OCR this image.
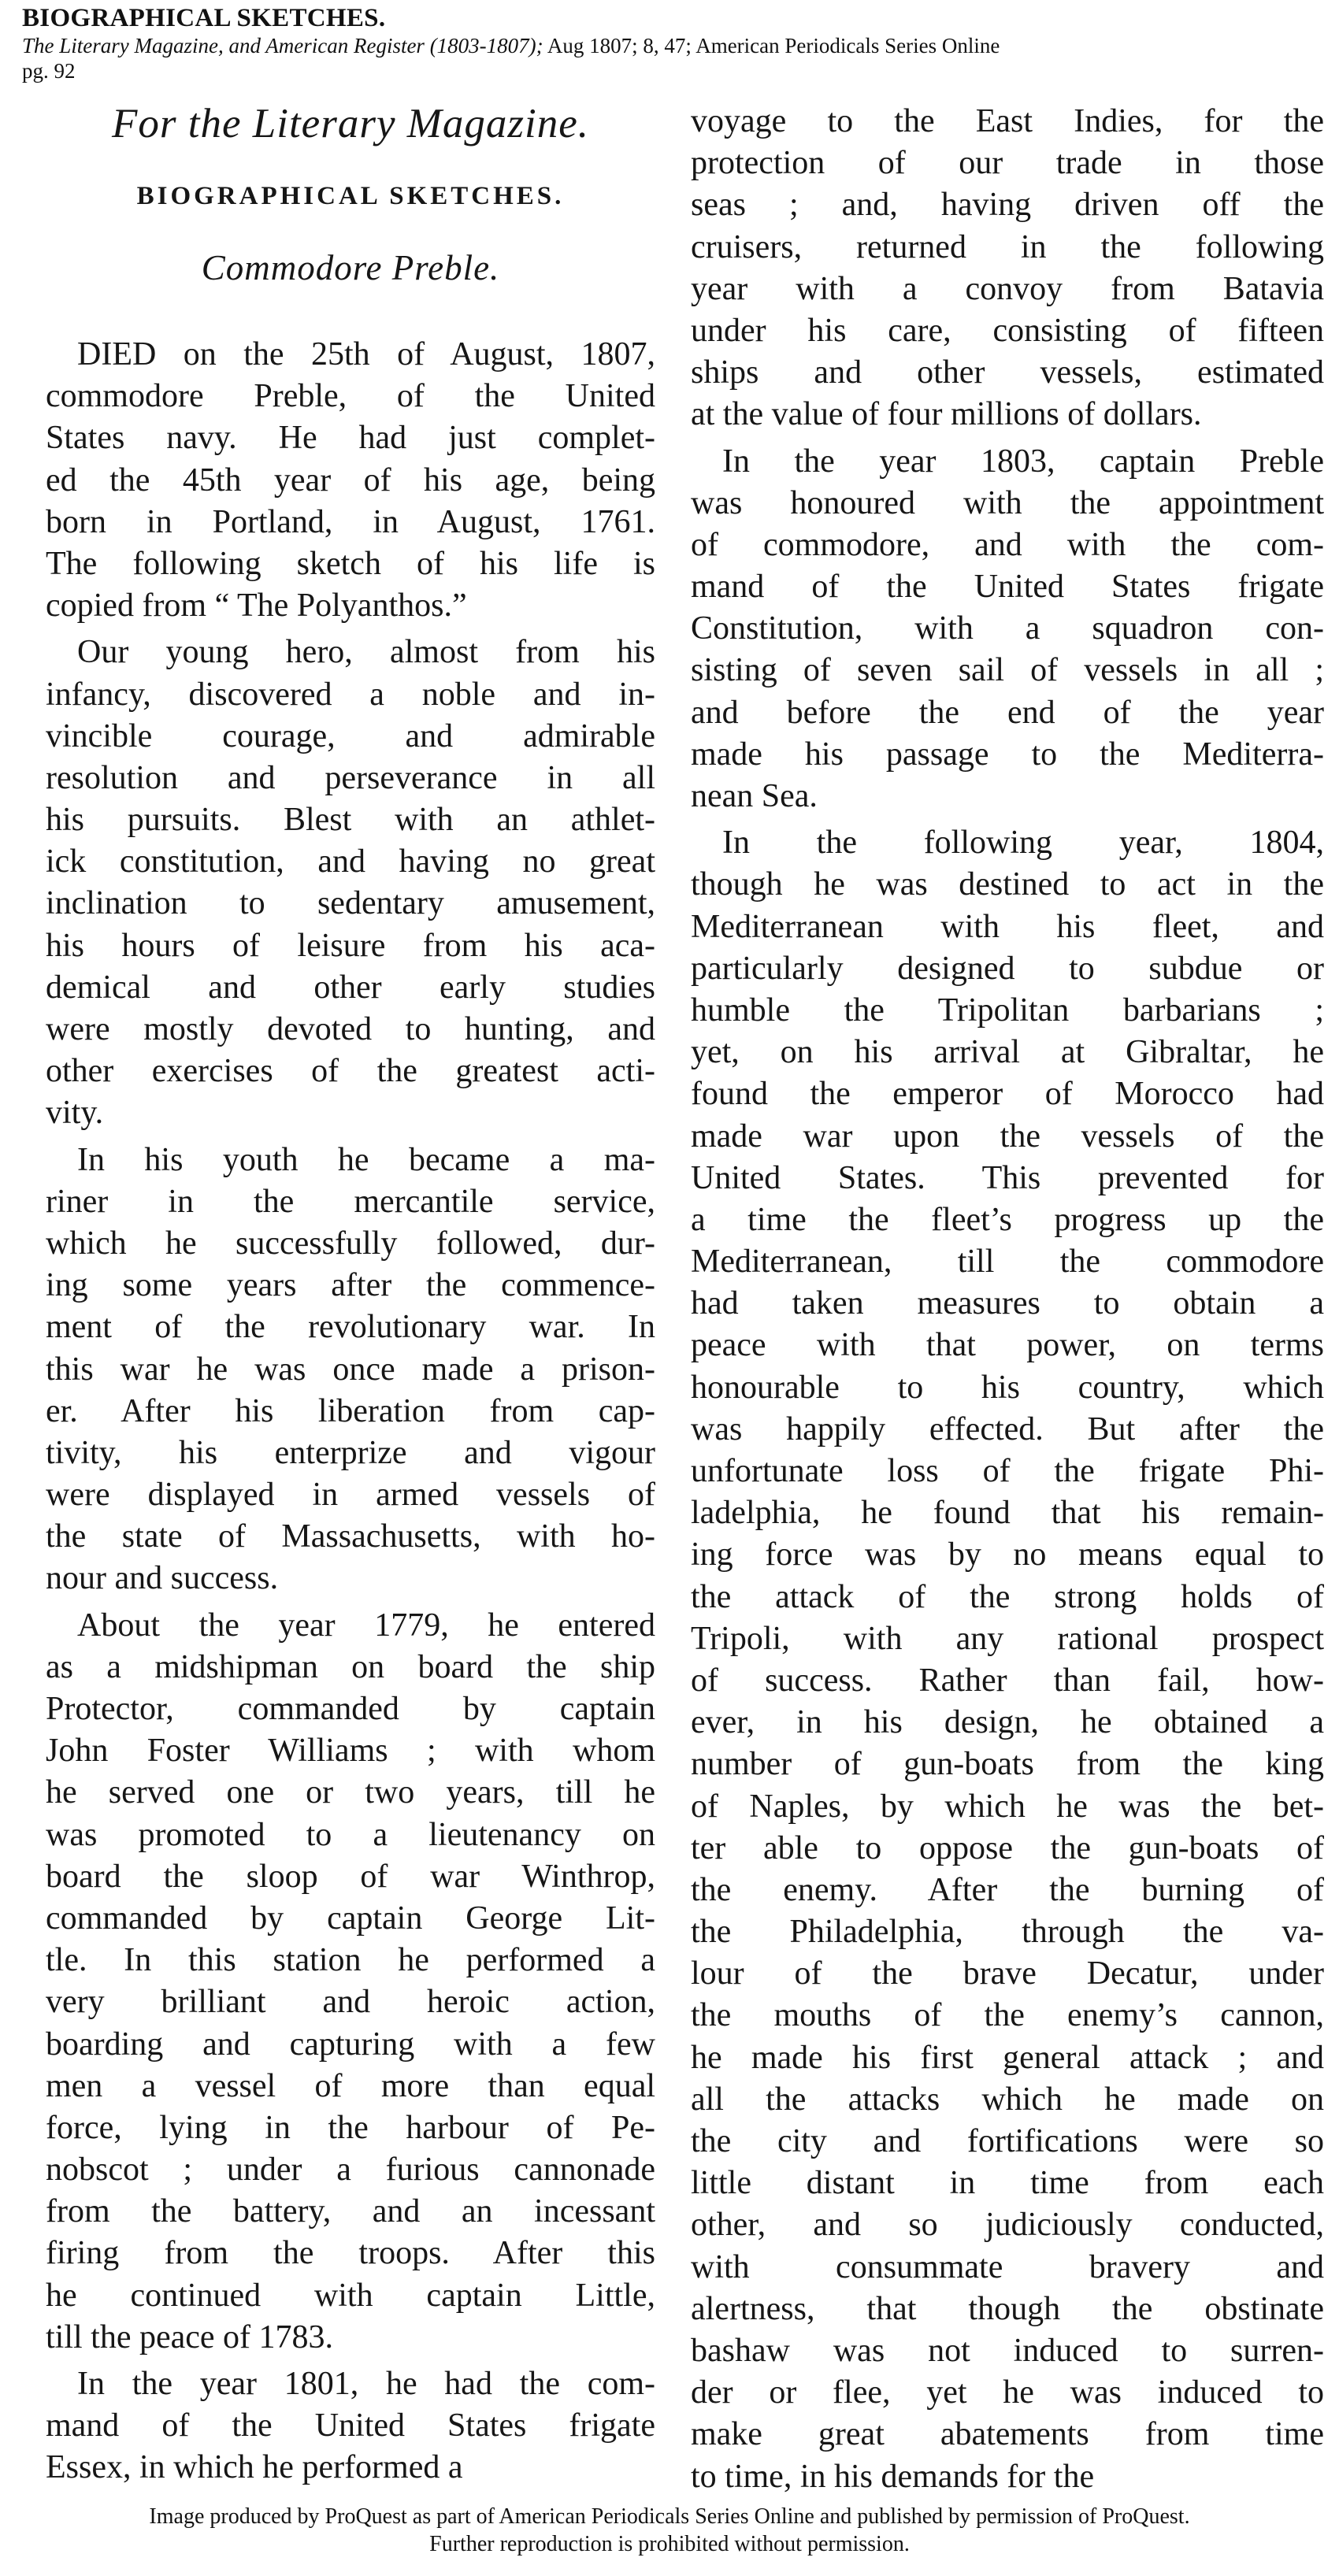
BIOGRAPHICAL SKETCHES.
The Literary Magazine, and American Register (1803-1807); Aug 1807; 8, 47; American Periodicals Series Online
pg. 92
For the Literary Magazine.
BIOGRAPHICAL SKETCHES.
Commodore Preble.
DIED on the 25th of August, 1807,
commodore Preble, of the United
States navy. He had just complet-
ed the 45th year of his age, being
born in Portland, in August, 1761.
The following sketch of his life is
copied from “ The Polyanthos.”
Our young hero, almost from his
infancy, discovered a noble and in-
vincible courage, and admirable
resolution and perseverance in all
his pursuits. Blest with an athlet-
ick constitution, and having no great
inclination to sedentary amusement,
his hours of leisure from his aca-
demical and other early studies
were mostly devoted to hunting, and
other exercises of the greatest acti-
vity.
In his youth he became a ma-
riner in the mercantile service,
which he successfully followed, dur-
ing some years after the commence-
ment of the revolutionary war. In
this war he was once made a prison-
er. After his liberation from cap-
tivity, his enterprize and vigour
were displayed in armed vessels of
the state of Massachusetts, with ho-
nour and success.
About the year 1779, he entered
as a midshipman on board the ship
Protector, commanded by captain
John Foster Williams ; with whom
he served one or two years, till he
was promoted to a lieutenancy on
board the sloop of war Winthrop,
commanded by captain George Lit-
tle. In this station he performed a
very brilliant and heroic action,
boarding and capturing with a few
men a vessel of more than equal
force, lying in the harbour of Pe-
nobscot ; under a furious cannonade
from the battery, and an incessant
firing from the troops. After this
he continued with captain Little,
till the peace of 1783.
In the year 1801, he had the com-
mand of the United States frigate
Essex, in which he performed a
voyage to the East Indies, for the
protection of our trade in those
seas ; and, having driven off the
cruisers, returned in the following
year with a convoy from Batavia
under his care, consisting of fifteen
ships and other vessels, estimated
at the value of four millions of dollars.
In the year 1803, captain Preble
was honoured with the appointment
of commodore, and with the com-
mand of the United States frigate
Constitution, with a squadron con-
sisting of seven sail of vessels in all ;
and before the end of the year
made his passage to the Mediterra-
nean Sea.
In the following year, 1804,
though he was destined to act in the
Mediterranean with his fleet, and
particularly designed to subdue or
humble the Tripolitan barbarians ;
yet, on his arrival at Gibraltar, he
found the emperor of Morocco had
made war upon the vessels of the
United States. This prevented for
a time the fleet’s progress up the
Mediterranean, till the commodore
had taken measures to obtain a
peace with that power, on terms
honourable to his country, which
was happily effected. But after the
unfortunate loss of the frigate Phi-
ladelphia, he found that his remain-
ing force was by no means equal to
the attack of the strong holds of
Tripoli, with any rational prospect
of success. Rather than fail, how-
ever, in his design, he obtained a
number of gun-boats from the king
of Naples, by which he was the bet-
ter able to oppose the gun-boats of
the enemy. After the burning of
the Philadelphia, through the va-
lour of the brave Decatur, under
the mouths of the enemy’s cannon,
he made his first general attack ; and
all the attacks which he made on
the city and fortifications were so
little distant in time from each
other, and so judiciously conducted,
with consummate bravery and
alertness, that though the obstinate
bashaw was not induced to surren-
der or flee, yet he was induced to
make great abatements from time
to time, in his demands for the
Image produced by ProQuest as part of American Periodicals Series Online and published by permission of ProQuest.
Further reproduction is prohibited without permission.
